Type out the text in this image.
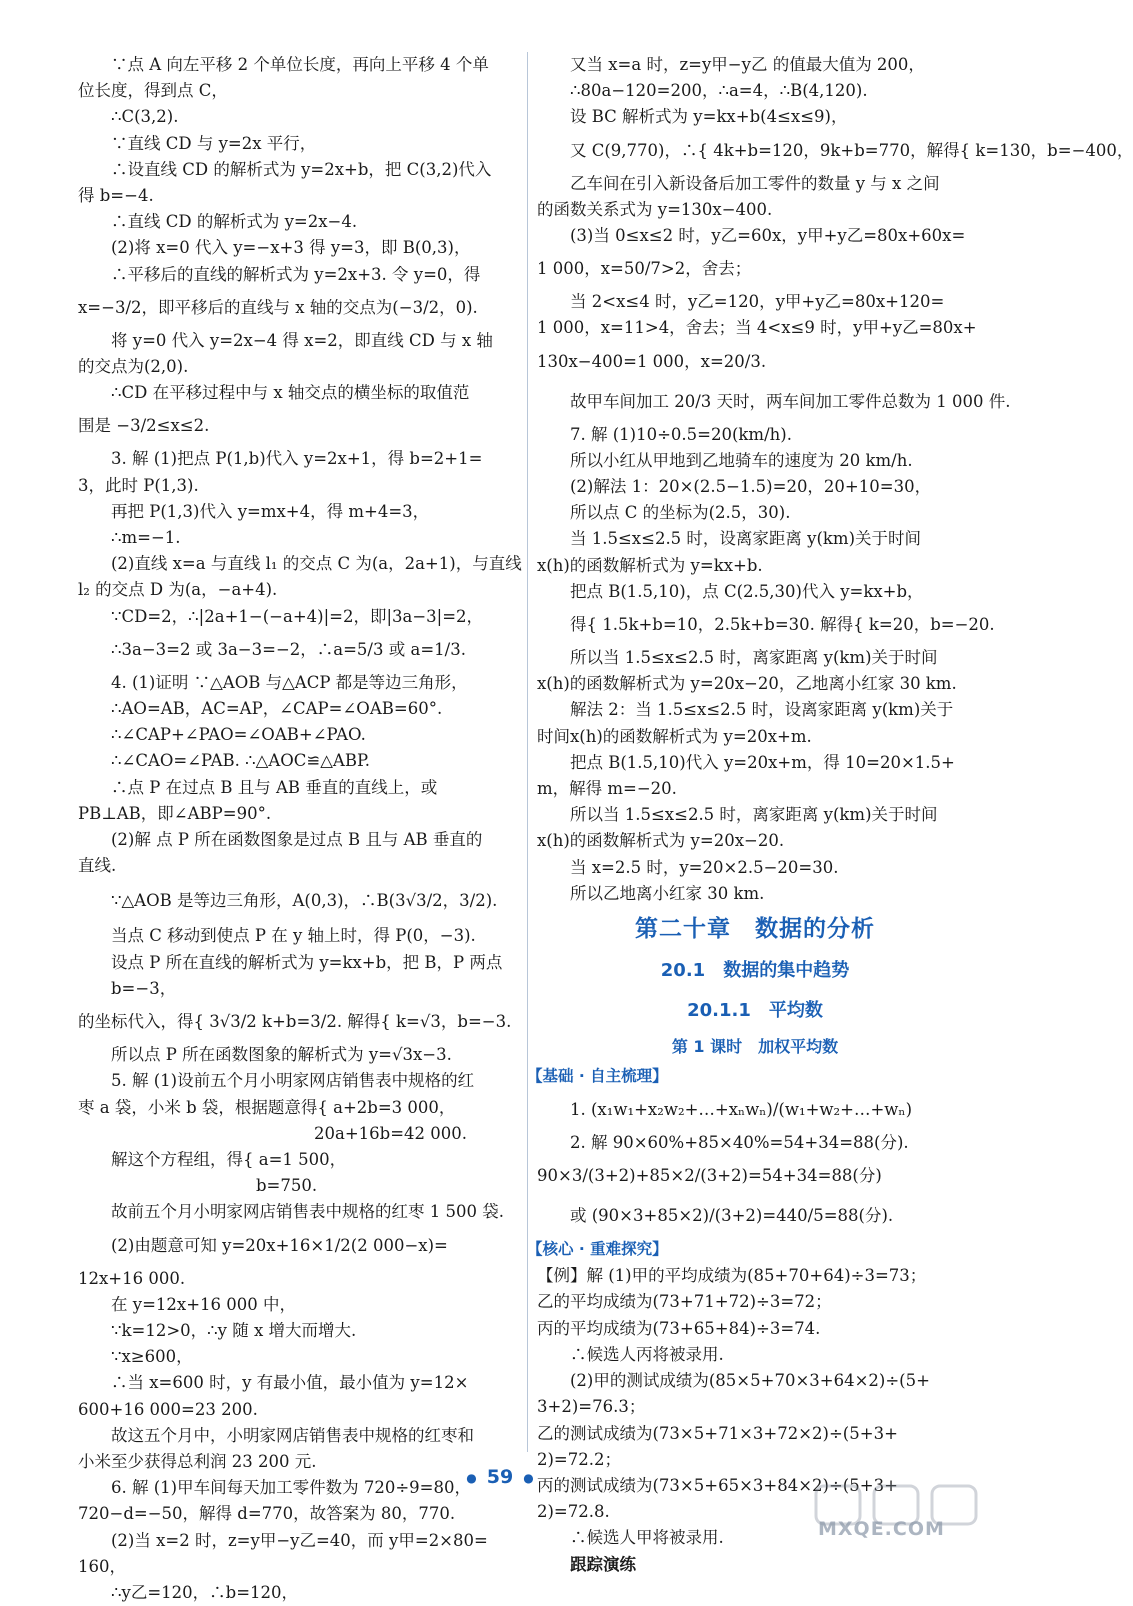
∵点 A 向左平移 2 个单位长度，再向上平移 4 个单
位长度，得到点 C，
∴C(3,2).
∵直线 CD 与 y=2x 平行，
∴设直线 CD 的解析式为 y=2x+b，把 C(3,2)代入
得 b=−4.
∴直线 CD 的解析式为 y=2x−4.
(2)将 x=0 代入 y=−x+3 得 y=3，即 B(0,3)，
∴平移后的直线的解析式为 y=2x+3. 令 y=0，得
x=−3/2，即平移后的直线与 x 轴的交点为(−3/2，0).
将 y=0 代入 y=2x−4 得 x=2，即直线 CD 与 x 轴
的交点为(2,0).
∴CD 在平移过程中与 x 轴交点的横坐标的取值范
围是 −3/2≤x≤2.
3. 解 (1)把点 P(1,b)代入 y=2x+1，得 b=2+1=
3，此时 P(1,3).
再把 P(1,3)代入 y=mx+4，得 m+4=3，
∴m=−1.
(2)直线 x=a 与直线 l₁ 的交点 C 为(a，2a+1)，与直线
l₂ 的交点 D 为(a，−a+4).
∵CD=2，∴|2a+1−(−a+4)|=2，即|3a−3|=2，
∴3a−3=2 或 3a−3=−2，∴a=5/3 或 a=1/3.
4. (1)证明 ∵△AOB 与△ACP 都是等边三角形，
∴AO=AB，AC=AP，∠CAP=∠OAB=60°.
∴∠CAP+∠PAO=∠OAB+∠PAO.
∴∠CAO=∠PAB. ∴△AOC≌△ABP.
∴点 P 在过点 B 且与 AB 垂直的直线上，或
PB⊥AB，即∠ABP=90°.
(2)解 点 P 所在函数图象是过点 B 且与 AB 垂直的
直线.
∵△AOB 是等边三角形，A(0,3)，∴B(3√3/2，3/2).
当点 C 移动到使点 P 在 y 轴上时，得 P(0，−3).
设点 P 所在直线的解析式为 y=kx+b，把 B，P 两点
b=−3，
的坐标代入，得{ 3√3/2 k+b=3/2. 解得{ k=√3，b=−3.
所以点 P 所在函数图象的解析式为 y=√3x−3.
5. 解 (1)设前五个月小明家网店销售表中规格的红
枣 a 袋，小米 b 袋，根据题意得{ a+2b=3 000，
20a+16b=42 000.
解这个方程组，得{ a=1 500，
b=750.
故前五个月小明家网店销售表中规格的红枣 1 500 袋.
(2)由题意可知 y=20x+16×1/2(2 000−x)=
12x+16 000.
在 y=12x+16 000 中，
∵k=12>0，∴y 随 x 增大而增大.
∵x≥600，
∴当 x=600 时，y 有最小值，最小值为 y=12×
600+16 000=23 200.
故这五个月中，小明家网店销售表中规格的红枣和
小米至少获得总利润 23 200 元.
6. 解 (1)甲车间每天加工零件数为 720÷9=80，
720−d=−50，解得 d=770，故答案为 80，770.
(2)当 x=2 时，z=y甲−y乙=40，而 y甲=2×80=
160，
∴y乙=120，∴b=120，
又当 x=a 时，z=y甲−y乙 的值最大值为 200，
∴80a−120=200，∴a=4，∴B(4,120).
设 BC 解析式为 y=kx+b(4≤x≤9)，
又 C(9,770)，∴{ 4k+b=120，9k+b=770，解得{ k=130，b=−400，
乙车间在引入新设备后加工零件的数量 y 与 x 之间
的函数关系式为 y=130x−400.
(3)当 0≤x≤2 时，y乙=60x，y甲+y乙=80x+60x=
1 000，x=50/7>2，舍去；
当 2<x≤4 时，y乙=120，y甲+y乙=80x+120=
1 000，x=11>4，舍去；当 4<x≤9 时，y甲+y乙=80x+
130x−400=1 000，x=20/3.
故甲车间加工 20/3 天时，两车间加工零件总数为 1 000 件.
7. 解 (1)10÷0.5=20(km/h).
所以小红从甲地到乙地骑车的速度为 20 km/h.
(2)解法 1：20×(2.5−1.5)=20，20+10=30，
所以点 C 的坐标为(2.5，30).
当 1.5≤x≤2.5 时，设离家距离 y(km)关于时间
x(h)的函数解析式为 y=kx+b.
把点 B(1.5,10)，点 C(2.5,30)代入 y=kx+b，
得{ 1.5k+b=10，2.5k+b=30. 解得{ k=20，b=−20.
所以当 1.5≤x≤2.5 时，离家距离 y(km)关于时间
x(h)的函数解析式为 y=20x−20，乙地离小红家 30 km.
解法 2：当 1.5≤x≤2.5 时，设离家距离 y(km)关于
时间x(h)的函数解析式为 y=20x+m.
把点 B(1.5,10)代入 y=20x+m，得 10=20×1.5+
m，解得 m=−20.
所以当 1.5≤x≤2.5 时，离家距离 y(km)关于时间
x(h)的函数解析式为 y=20x−20.
当 x=2.5 时，y=20×2.5−20=30.
所以乙地离小红家 30 km.
第二十章　数据的分析
20.1　数据的集中趋势
20.1.1　平均数
第 1 课时　加权平均数
【基础 · 自主梳理】
1. (x₁w₁+x₂w₂+…+xₙwₙ)/(w₁+w₂+…+wₙ)
2. 解 90×60%+85×40%=54+34=88(分).
90×3/(3+2)+85×2/(3+2)=54+34=88(分)
或 (90×3+85×2)/(3+2)=440/5=88(分).
【核心 · 重难探究】
【例】解 (1)甲的平均成绩为(85+70+64)÷3=73；
乙的平均成绩为(73+71+72)÷3=72；
丙的平均成绩为(73+65+84)÷3=74.
∴候选人丙将被录用.
(2)甲的测试成绩为(85×5+70×3+64×2)÷(5+
3+2)=76.3；
乙的测试成绩为(73×5+71×3+72×2)÷(5+3+
2)=72.2；
丙的测试成绩为(73×5+65×3+84×2)÷(5+3+
2)=72.8.
∴候选人甲将被录用.
跟踪演练
● 59 ●
MXQE.COM
